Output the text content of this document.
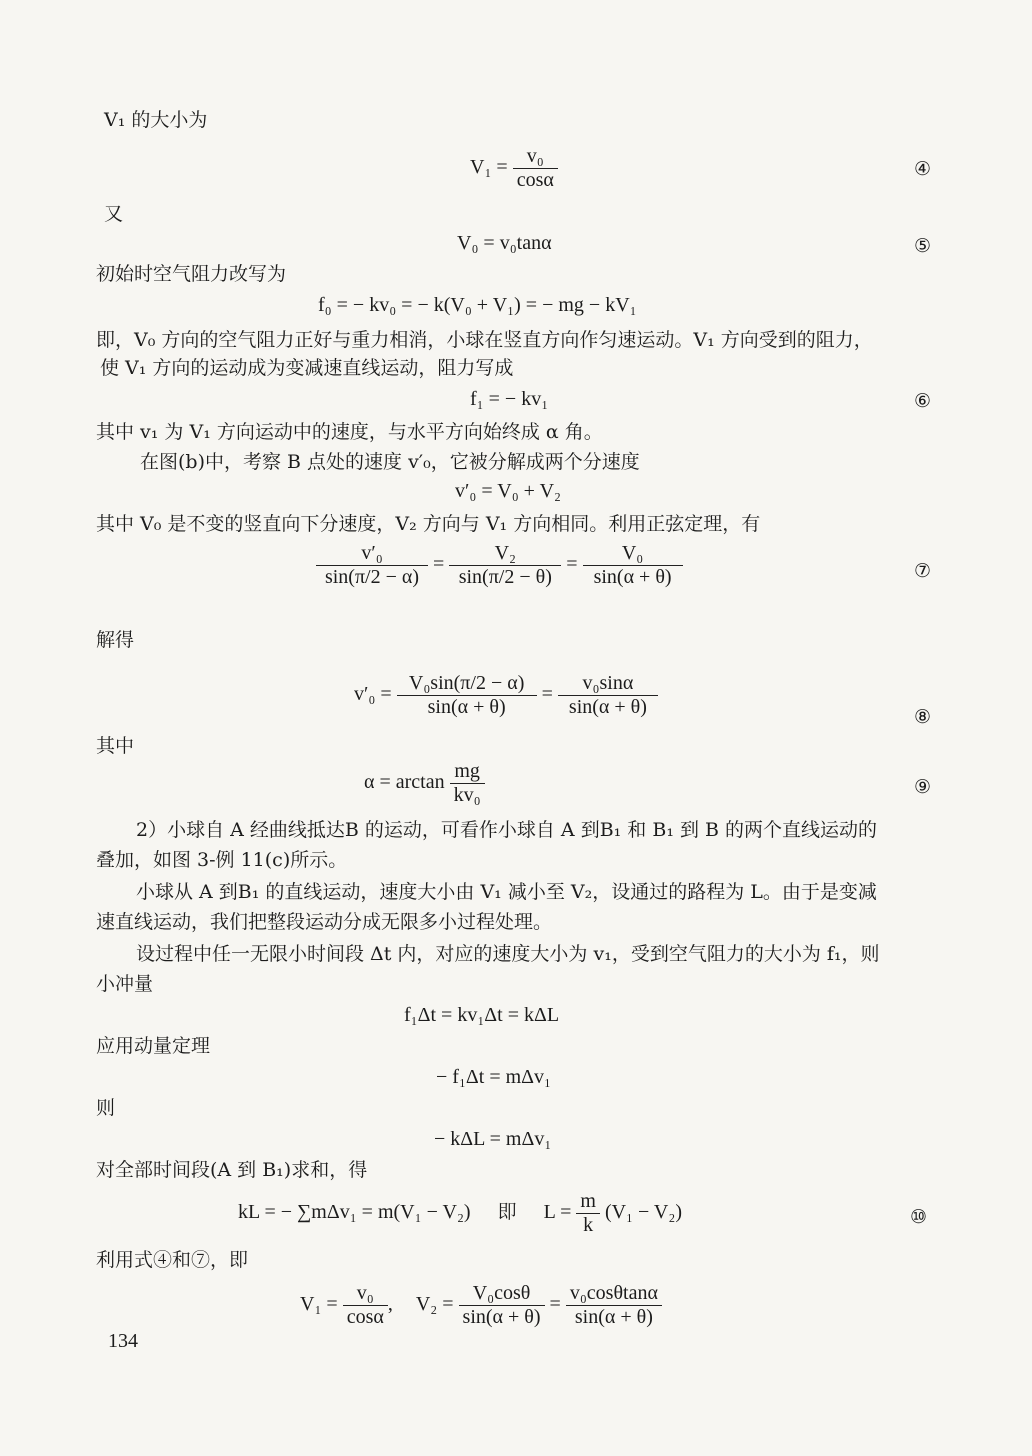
V₁ 的大小为
$V_1 = \frac{\text{v₀}}{\cos\alpha}$	④
又
V₀ = v₀tanα	⑤
初始时空气阻力改写为
f₀ = − kv₀ = − k(V₀ + V₁) = − mg − kV₁
即，V₀ 方向的空气阻力正好与重力相消，小球在竖直方向作匀速运动。V₁ 方向受到的阻力，
使 V₁ 方向的运动成为变减速直线运动，阻力写成
f₁ = − kv₁	⑥
其中 v₁ 为 V₁ 方向运动中的速度，与水平方向始终成 α 角。
在图(b)中，考察 B 点处的速度 v′₀，它被分解成两个分速度
v′₀ = V₀ + V₂
其中 V₀ 是不变的竖直向下分速度，V₂ 方向与 V₁ 方向相同。利用正弦定理，有
$\frac{\text{v′₀}}{\sin(\pi/2 - \alpha)} = \frac{\text{V₂}}{\sin(\pi/2 - \theta)} = \frac{\text{V₀}}{\sin(\alpha + \theta)}$	⑦
解得
$v'_0 = \frac{\text{V₀sin(π/2 − α)}}{\sin(\alpha + \theta)} = \frac{\text{v₀sinα}}{\sin(\alpha + \theta)}$	⑧
其中
$\alpha = \arctan \frac{mg}{\text{kv₀}}$	⑨
2）小球自 A 经曲线抵达B 的运动，可看作小球自 A 到B₁ 和 B₁ 到 B 的两个直线运动的
叠加，如图 3-例 11(c)所示。
小球从 A 到B₁ 的直线运动，速度大小由 V₁ 减小至 V₂，设通过的路程为 L。由于是变减
速直线运动，我们把整段运动分成无限多小过程处理。
设过程中任一无限小时间段 Δt 内，对应的速度大小为 v₁，受到空气阻力的大小为 f₁，则
小冲量
f₁Δt = kv₁Δt = kΔL
应用动量定理
− f₁Δt = mΔv₁
则
− kΔL = mΔv₁
对全部时间段(A 到 B₁)求和，得
kL = − ∑mΔv₁ = m(V₁ − V₂) 即 $L = \frac{m}{k} (V_1 - V_2)$	⑩
利用式④和⑦，即
$V_1 = \frac{\text{v₀}}{\cos\alpha}$ , $V_2 = \frac{\text{V₀cosθ}}{\sin(\alpha + \theta)} = \frac{\text{v₀cosθtanα}}{\sin(\alpha + \theta)}$
134
